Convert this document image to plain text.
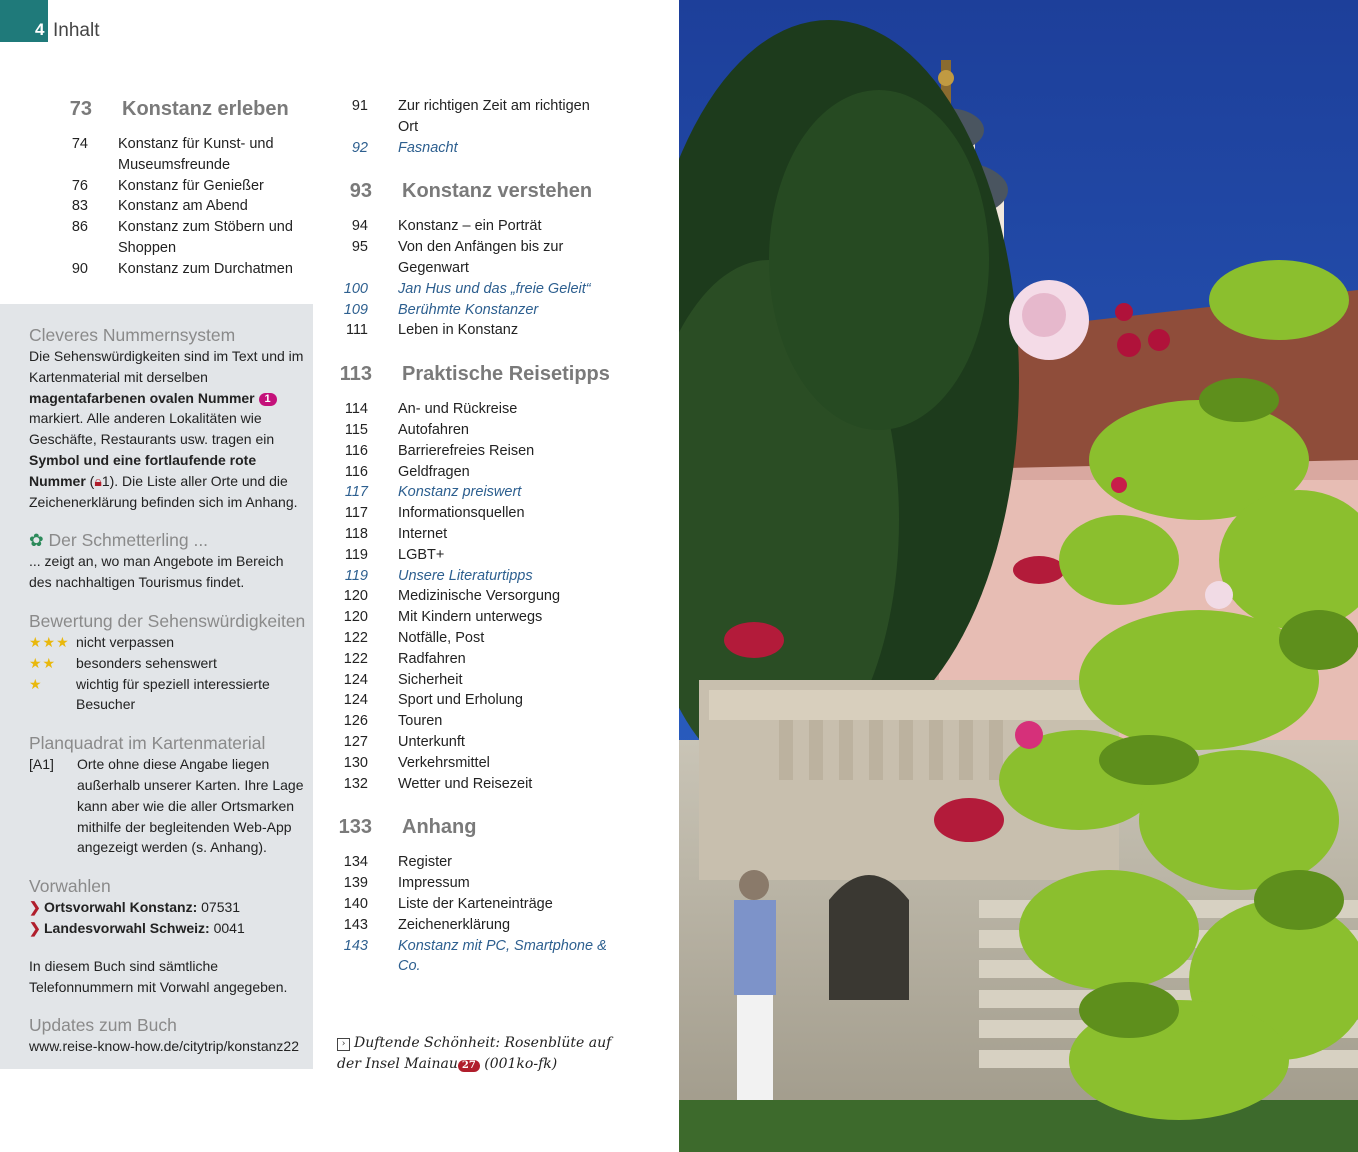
4 Inhalt
73 Konstanz erleben
74 Konstanz für Kunst- und Museumsfreunde
76 Konstanz für Genießer
83 Konstanz am Abend
86 Konstanz zum Stöbern und Shoppen
90 Konstanz zum Durchatmen
91 Zur richtigen Zeit am richtigen Ort
92 Fasnacht
93 Konstanz verstehen
94 Konstanz – ein Porträt
95 Von den Anfängen bis zur Gegenwart
100 Jan Hus und das „freie Geleit“
109 Berühmte Konstanzer
111 Leben in Konstanz
113 Praktische Reisetipps
114 An- und Rückreise
115 Autofahren
116 Barrierefreies Reisen
116 Geldfragen
117 Konstanz preiswert
117 Informationsquellen
118 Internet
119 LGBT+
119 Unsere Literaturtipps
120 Medizinische Versorgung
120 Mit Kindern unterwegs
122 Notfälle, Post
122 Radfahren
124 Sicherheit
124 Sport und Erholung
126 Touren
127 Unterkunft
130 Verkehrsmittel
132 Wetter und Reisezeit
133 Anhang
134 Register
139 Impressum
140 Liste der Karteneinträge
143 Zeichenerklärung
143 Konstanz mit PC, Smartphone & Co.
Cleveres Nummernsystem

Die Sehenswürdigkeiten sind im Text und im Kartenmaterial mit derselben magentafarbenen ovalen Nummer 1 markiert. Alle anderen Lokalitäten wie Geschäfte, Restaurants usw. tragen ein Symbol und eine fortlaufende rote Nummer (🔒︎1). Die Liste aller Orte und die Zeichenerklärung befinden sich im Anhang.

✿ Der Schmetterling ...

... zeigt an, wo man Angebote im Bereich des nachhaltigen Tourismus findet.

Bewertung der Sehenswürdigkeiten
★★★ nicht verpassen
★★	besonders sehenswert
★	wichtig für speziell interessierte Besucher
Planquadrat im Kartenmaterial
[A1]	Orte ohne diese Angabe liegen außerhalb unserer Karten. Ihre Lage kann aber wie die aller Ortsmarken mithilfe der begleitenden Web-App angezeigt werden (s. Anhang).
Vorwahlen
❯ Ortsvorwahl Konstanz: 07531
❯ Landesvorwahl Schweiz: 0041

In diesem Buch sind sämtliche Telefonnummern mit Vorwahl angegeben.

Updates zum Buch

www.reise-know-how.de/citytrip/konstanz22	› Duftende Schönheit: Rosenblüte auf der Insel Mainau 27 (001ko-fk)
